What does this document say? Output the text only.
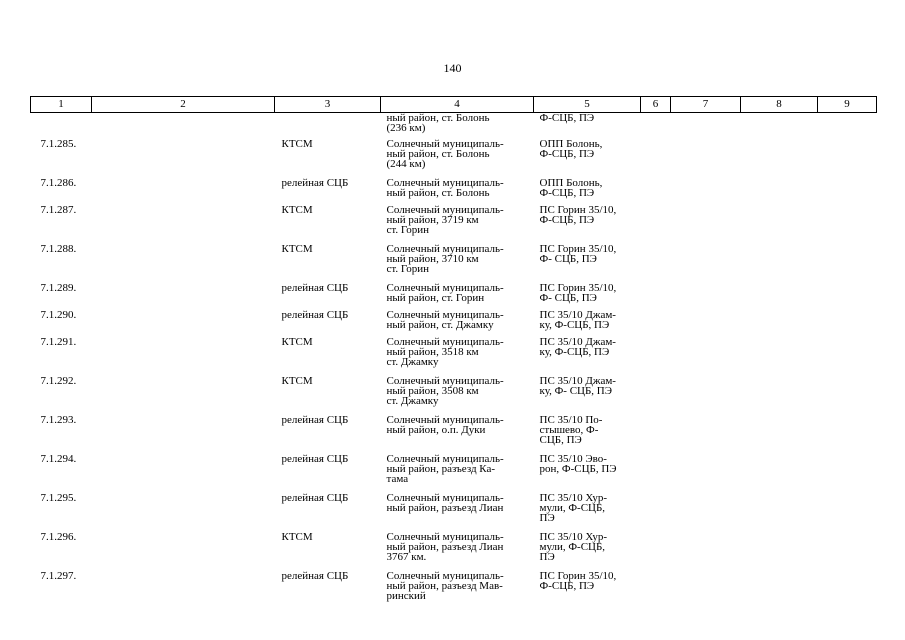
140
1	2	3	4	5	6	7	8	9

			ный район, ст. Болонь
(236 км)	Ф-СЦБ, ПЭ				

7.1.285.		КТСМ	Солнечный муниципаль-
ный район, ст. Болонь
(244 км)	ОПП Болонь,
Ф-СЦБ, ПЭ				

7.1.286.		релейная СЦБ	Солнечный муниципаль-
ный район, ст. Болонь	ОПП Болонь,
Ф-СЦБ, ПЭ				

7.1.287.		КТСМ	Солнечный муниципаль-
ный район, 3719 км
ст. Горин	ПС Горин 35/10,
Ф-СЦБ, ПЭ				

7.1.288.		КТСМ	Солнечный муниципаль-
ный район, 3710 км
ст. Горин	ПС Горин 35/10,
Ф- СЦБ, ПЭ				

7.1.289.		релейная СЦБ	Солнечный муниципаль-
ный район, ст. Горин	ПС Горин 35/10,
Ф- СЦБ, ПЭ				

7.1.290.		релейная СЦБ	Солнечный муниципаль-
ный район, ст. Джамку	ПС 35/10 Джам-
ку, Ф-СЦБ, ПЭ				

7.1.291.		КТСМ	Солнечный муниципаль-
ный район, 3518 км
ст. Джамку	ПС 35/10 Джам-
ку, Ф-СЦБ, ПЭ				

7.1.292.		КТСМ	Солнечный муниципаль-
ный район, 3508 км
ст. Джамку	ПС 35/10 Джам-
ку, Ф- СЦБ, ПЭ				

7.1.293.		релейная СЦБ	Солнечный муниципаль-
ный район, о.п. Дуки	ПС 35/10 По-
стышево, Ф-
СЦБ, ПЭ				

7.1.294.		релейная СЦБ	Солнечный муниципаль-
ный район, разъезд Ка-
тама	ПС 35/10 Эво-
рон, Ф-СЦБ, ПЭ				

7.1.295.		релейная СЦБ	Солнечный муниципаль-
ный район, разъезд Лиан	ПС 35/10 Хур-
мули, Ф-СЦБ,
ПЭ				

7.1.296.		КТСМ	Солнечный муниципаль-
ный район, разъезд Лиан
3767 км.	ПС 35/10 Хур-
мули, Ф-СЦБ,
ПЭ				

7.1.297.		релейная СЦБ	Солнечный муниципаль-
ный район, разъезд Мав-
ринский	ПС Горин 35/10,
Ф-СЦБ, ПЭ				
